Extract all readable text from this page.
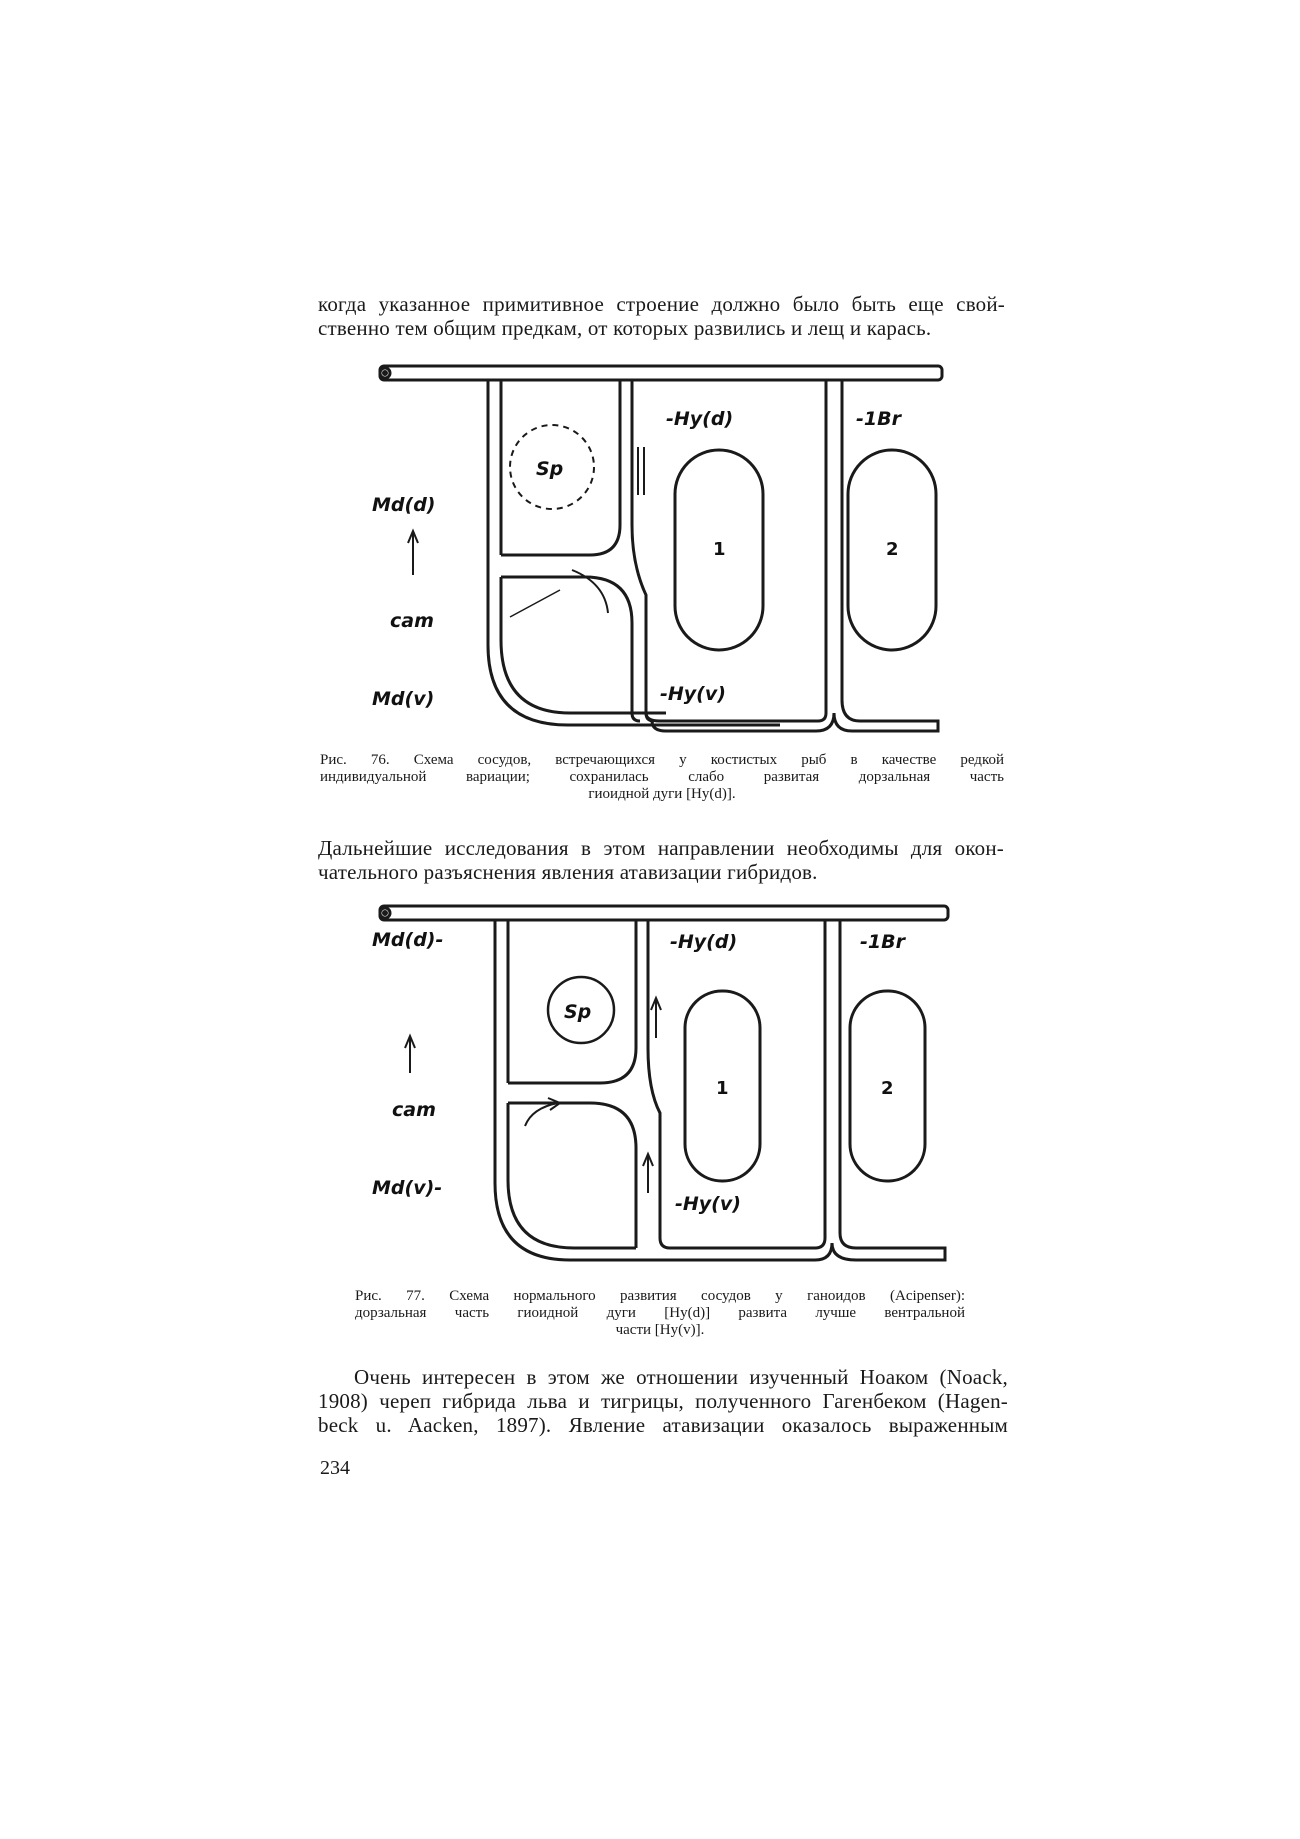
когда указанное примитивное строение должно было быть еще свой-
ственно тем общим предкам, от которых развились и лещ и карась.
-Hy(d)	-1Br
Sp
Md(d)
cam
Md(v)	-Hy(v)
1	2
Рис. 76. Схема сосудов, встречающихся у костистых рыб в качестве редкой
индивидуальной вариации; сохранилась слабо развитая дорзальная часть
гиоидной дуги [Hy(d)].
Дальнейшие исследования в этом направлении необходимы для окон-
чательного разъяснения явления атавизации гибридов.
Md(d)-	-Hy(d)	-1Br
Sp
cam
Md(v)-
-Hy(v)
1	2
Рис. 77. Схема нормального развития сосудов у ганоидов (Acipenser):
дорзальная часть гиоидной дуги [Hy(d)] развита лучше вентральной
части [Hy(v)].
Очень интересен в этом же отношении изученный Ноаком (Noack,
1908) череп гибрида льва и тигрицы, полученного Гагенбеком (Hagen-
beck u. Aacken, 1897). Явление атавизации оказалось выраженным
234
